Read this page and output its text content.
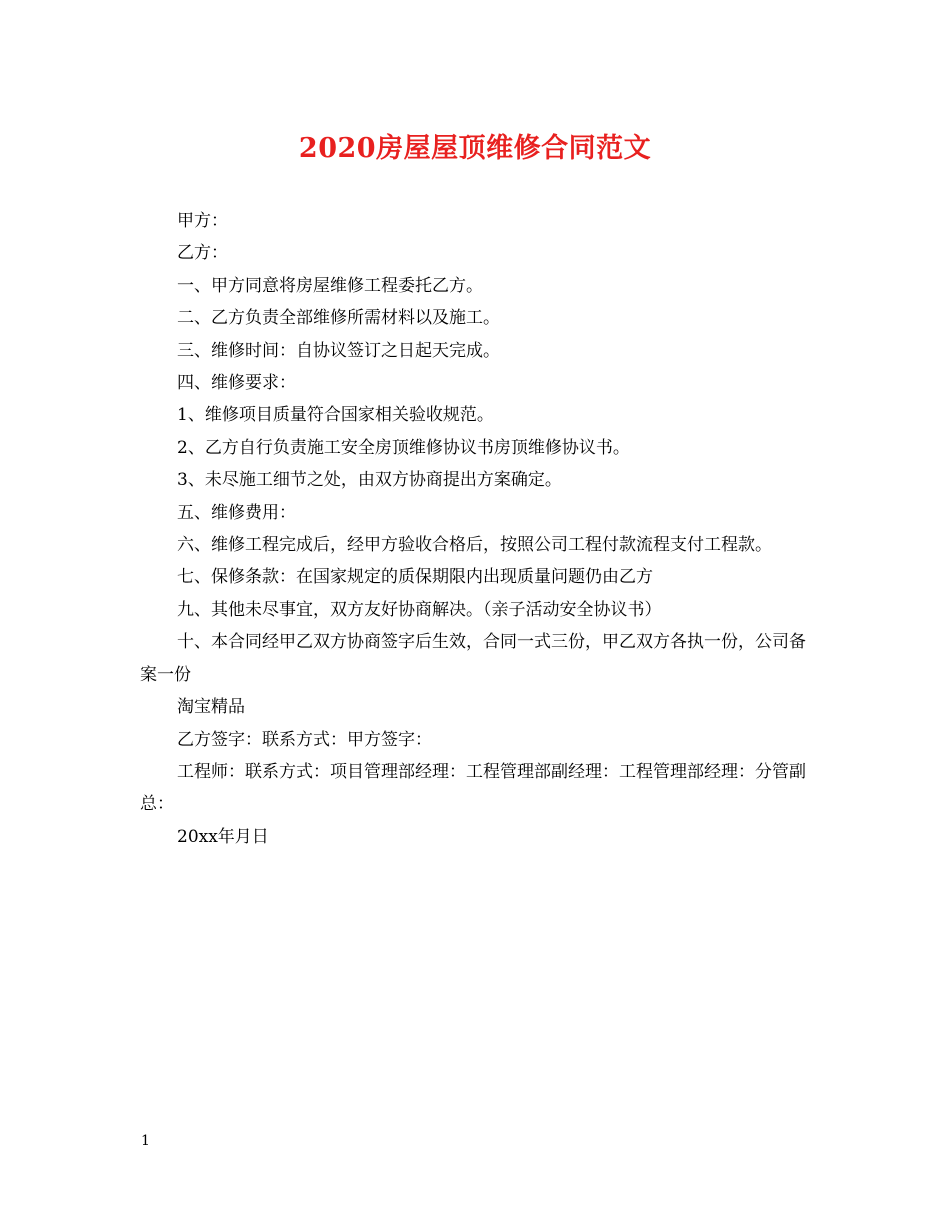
2020房屋屋顶维修合同范文

甲方：

乙方：

一、甲方同意将房屋维修工程委托乙方。

二、乙方负责全部维修所需材料以及施工。

三、维修时间：自协议签订之日起天完成。

四、维修要求：

1、维修项目质量符合国家相关验收规范。

2、乙方自行负责施工安全房顶维修协议书房顶维修协议书。

3、未尽施工细节之处，由双方协商提出方案确定。

五、维修费用：

六、维修工程完成后，经甲方验收合格后，按照公司工程付款流程支付工程款。

七、保修条款：在国家规定的质保期限内出现质量问题仍由乙方

九、其他未尽事宜，双方友好协商解决。（亲子活动安全协议书）

十、本合同经甲乙双方协商签字后生效，合同一式三份，甲乙双方各执一份，公司备案一份

淘宝精品

乙方签字：联系方式：甲方签字：

工程师：联系方式：项目管理部经理：工程管理部副经理：工程管理部经理：分管副总：

20xx年月日

1
